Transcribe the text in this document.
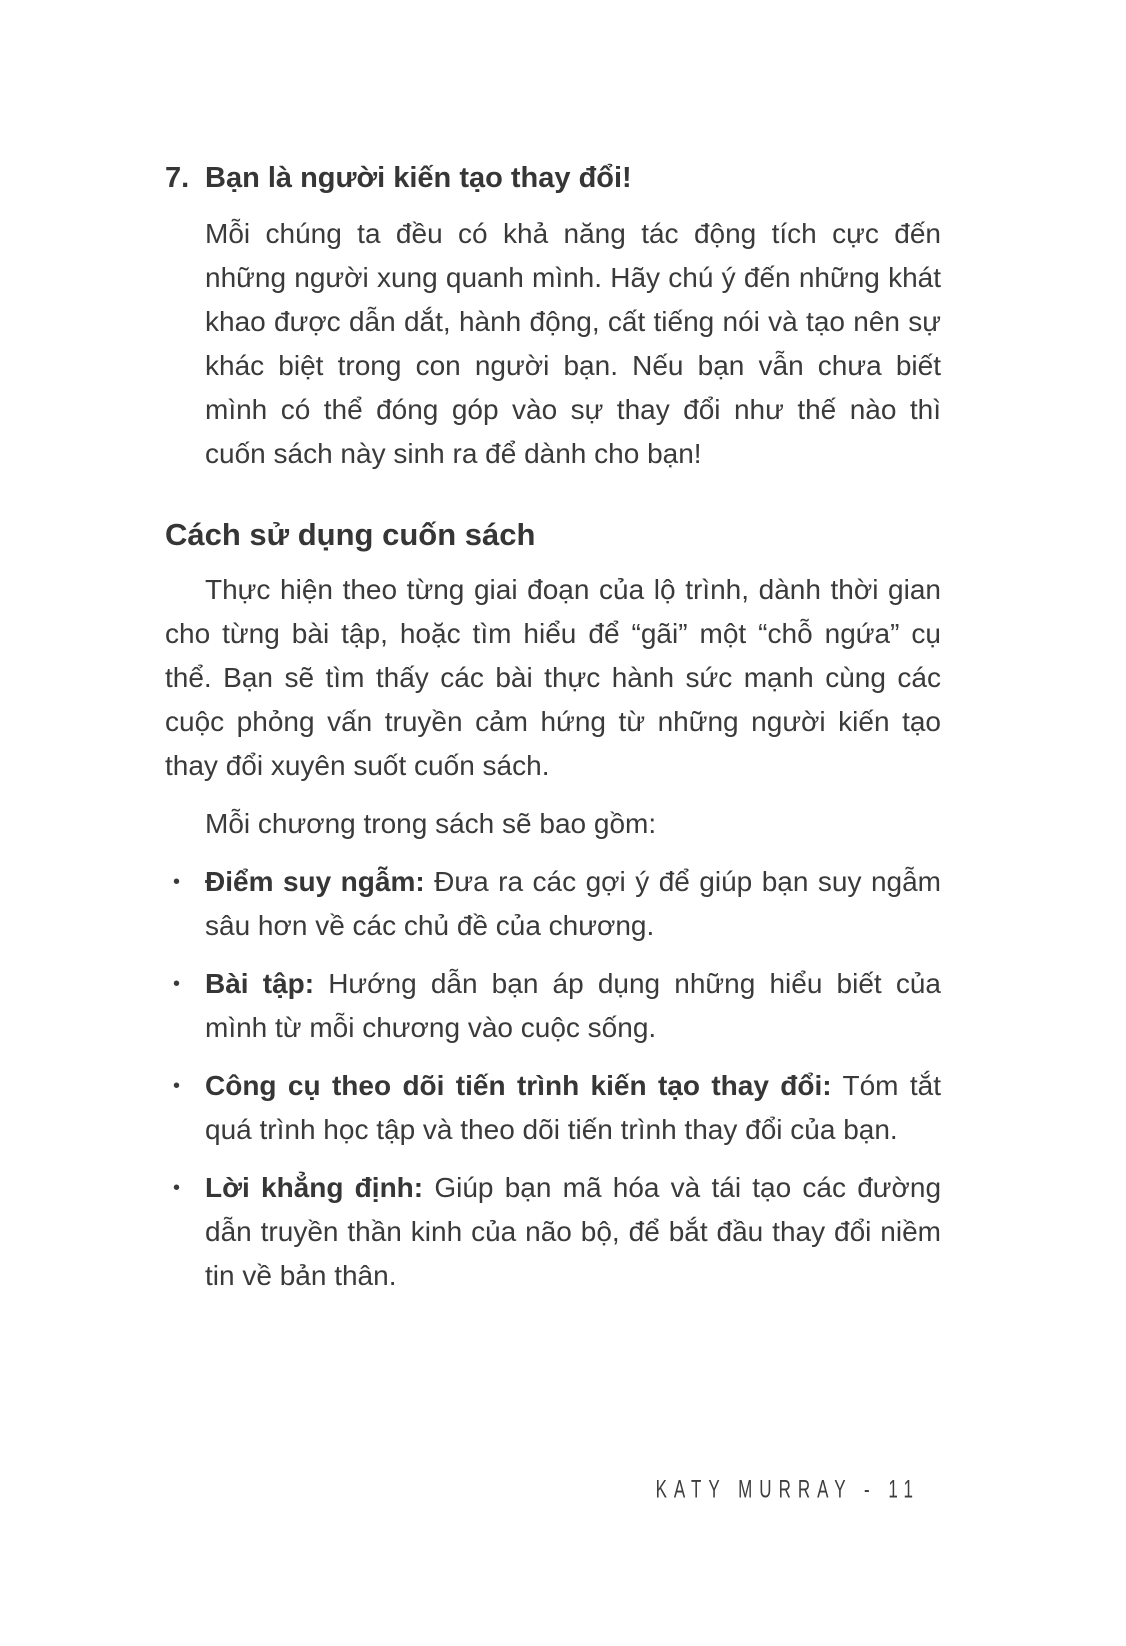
7. Bạn là người kiến tạo thay đổi!

Mỗi chúng ta đều có khả năng tác động tích cực đến những người xung quanh mình. Hãy chú ý đến những khát khao được dẫn dắt, hành động, cất tiếng nói và tạo nên sự khác biệt trong con người bạn. Nếu bạn vẫn chưa biết mình có thể đóng góp vào sự thay đổi như thế nào thì cuốn sách này sinh ra để dành cho bạn!

Cách sử dụng cuốn sách

Thực hiện theo từng giai đoạn của lộ trình, dành thời gian cho từng bài tập, hoặc tìm hiểu để “gãi” một “chỗ ngứa” cụ thể. Bạn sẽ tìm thấy các bài thực hành sức mạnh cùng các cuộc phỏng vấn truyền cảm hứng từ những người kiến tạo thay đổi xuyên suốt cuốn sách.

Mỗi chương trong sách sẽ bao gồm:

• Điểm suy ngẫm: Đưa ra các gợi ý để giúp bạn suy ngẫm sâu hơn về các chủ đề của chương.
• Bài tập: Hướng dẫn bạn áp dụng những hiểu biết của mình từ mỗi chương vào cuộc sống.
• Công cụ theo dõi tiến trình kiến tạo thay đổi: Tóm tắt quá trình học tập và theo dõi tiến trình thay đổi của bạn.
• Lời khẳng định: Giúp bạn mã hóa và tái tạo các đường dẫn truyền thần kinh của não bộ, để bắt đầu thay đổi niềm tin về bản thân.
KATY MURRAY - 11
